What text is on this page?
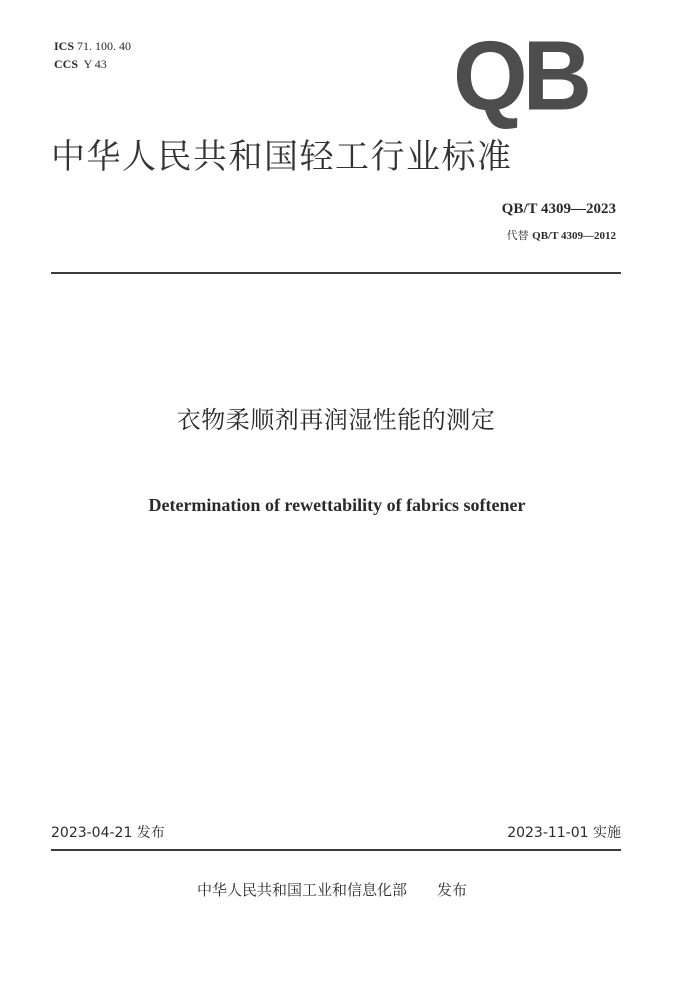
ICS 71. 100. 40
CCS Y 43	QB
中华人民共和国轻工行业标准
QB/T 4309—2023
代替 QB/T 4309—2012
衣物柔顺剂再润湿性能的测定
Determination of rewettability of fabrics softener
2023-04-21 发布	2023-11-01 实施
中华人民共和国工业和信息化部　　发布
